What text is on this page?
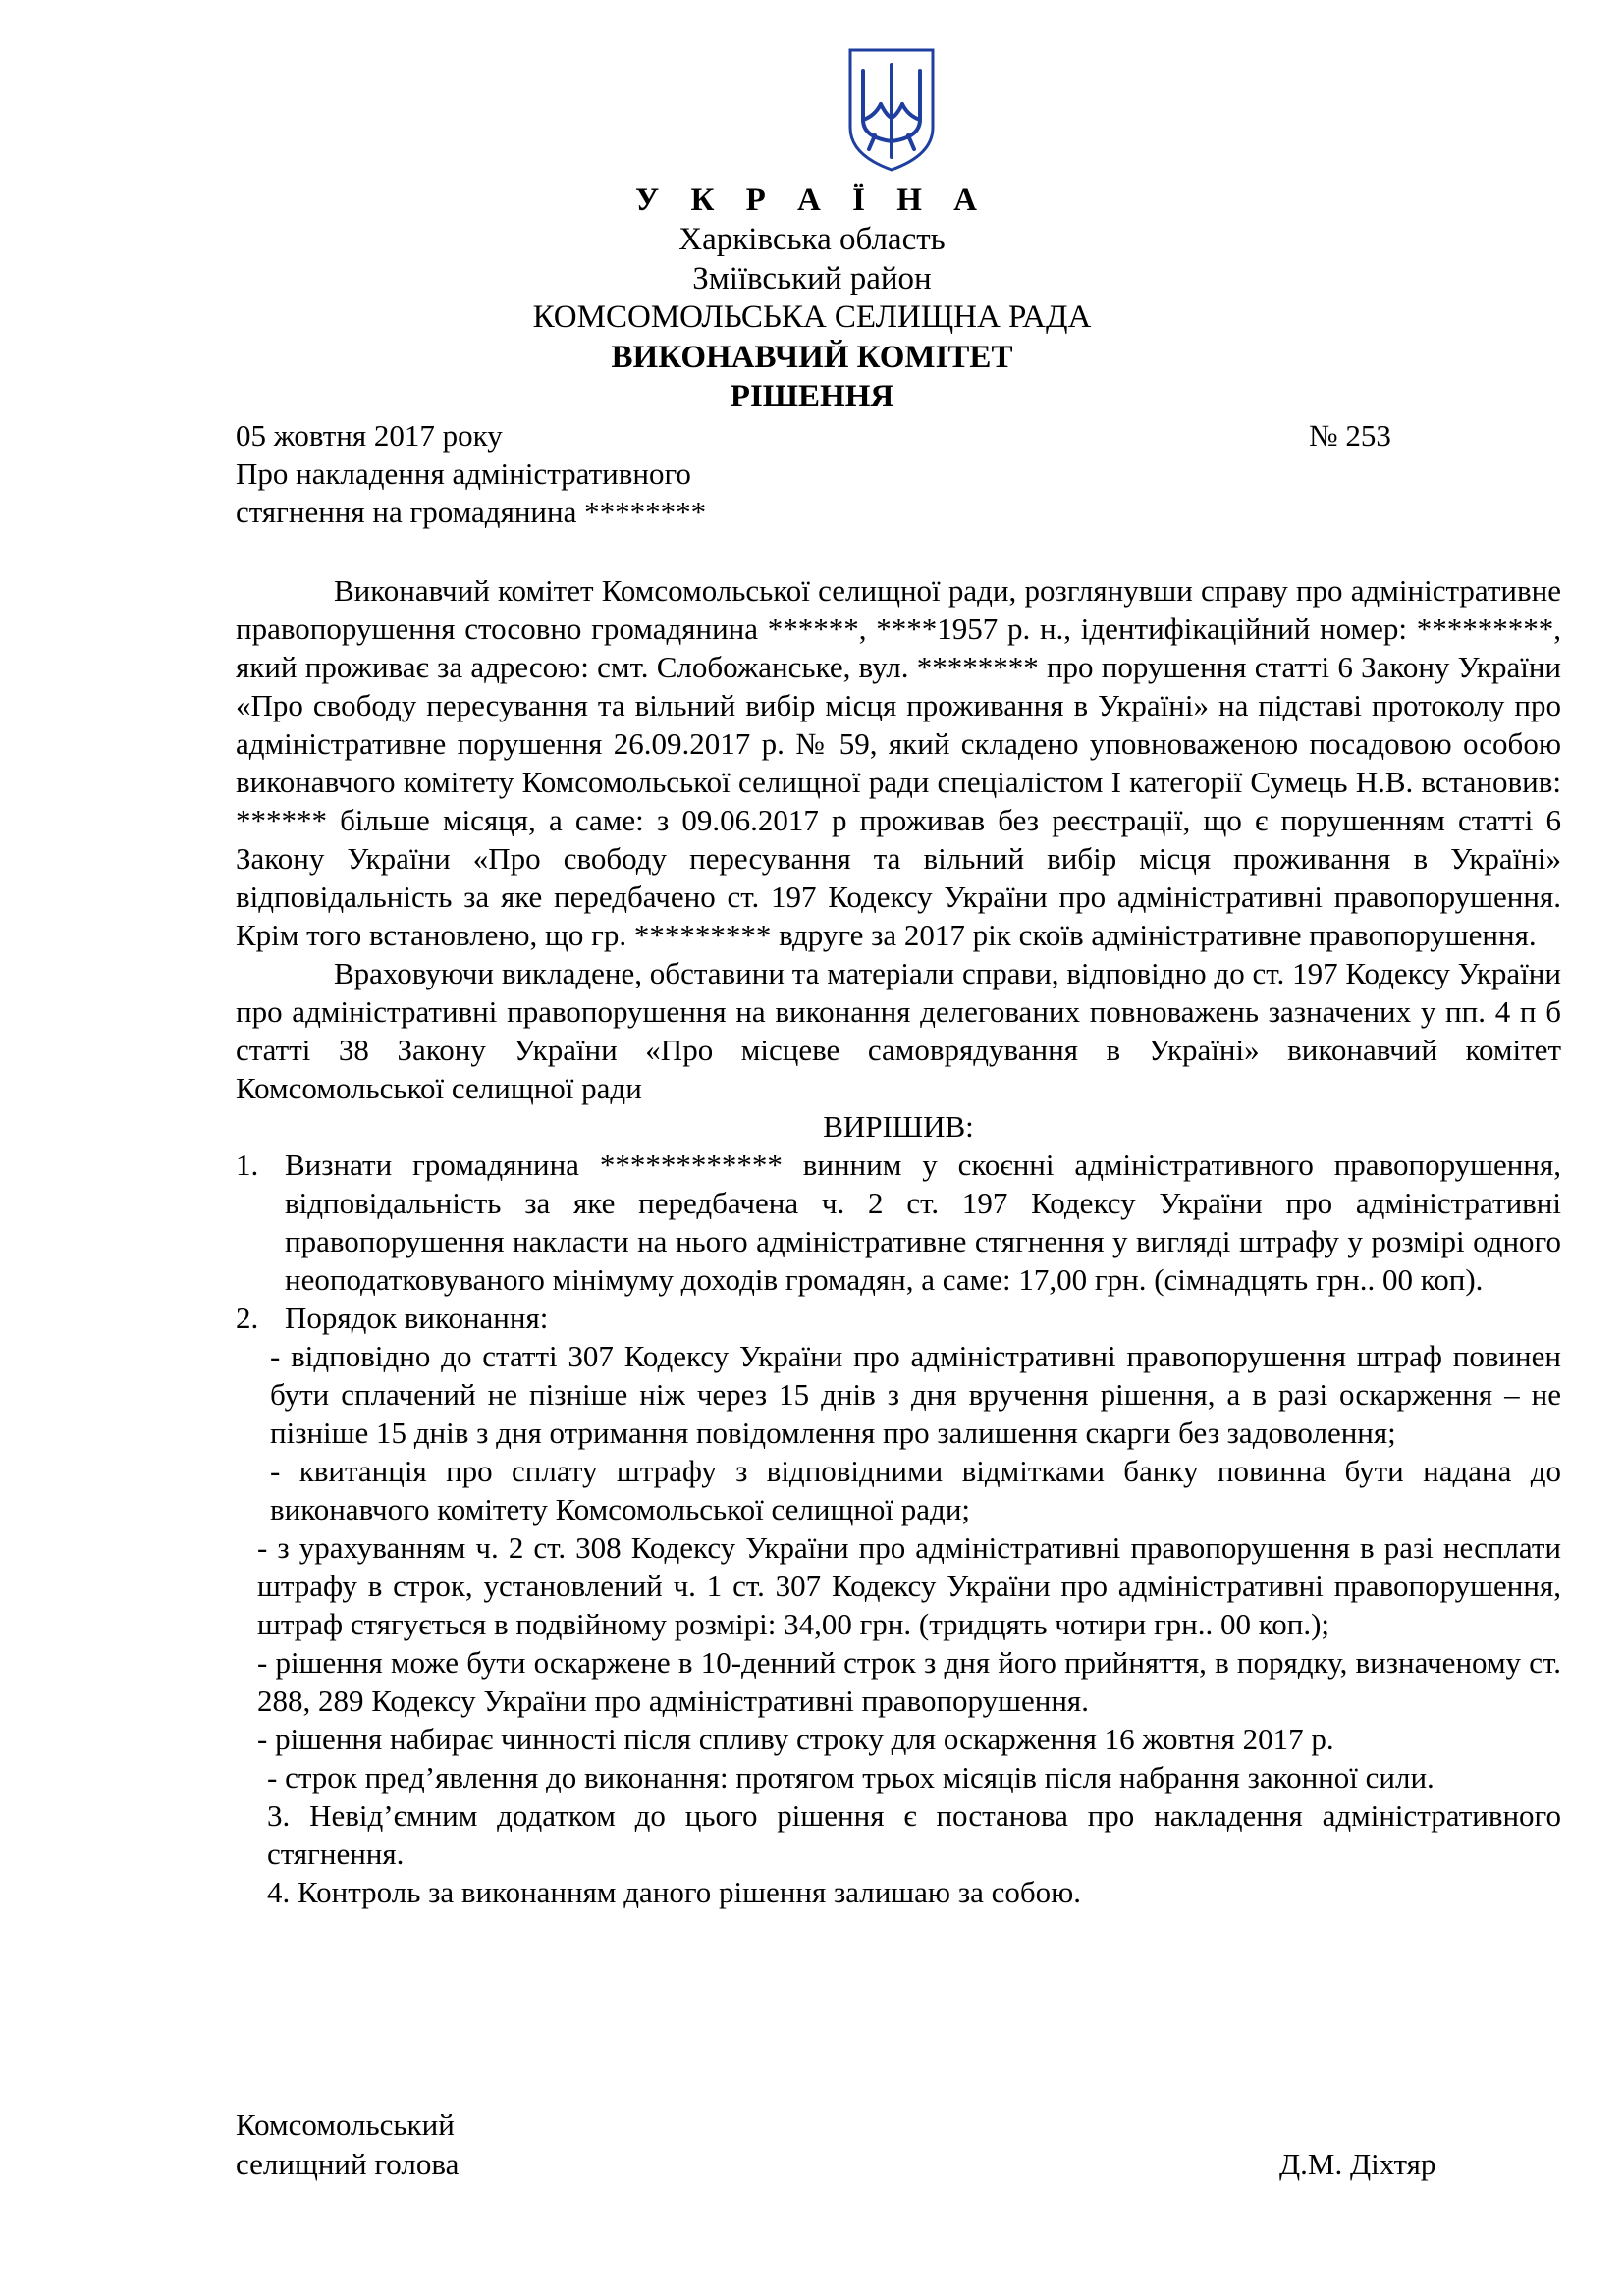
У К Р А Ї Н А
Харківська область
Зміївський район
КОМСОМОЛЬСЬКА СЕЛИЩНА РАДА
ВИКОНАВЧИЙ КОМІТЕТ
РІШЕННЯ
05 жовтня 2017 року	№ 253
Про накладення адміністративного
стягнення на громадянина ********

Виконавчий комітет Комсомольської селищної ради, розглянувши справу про адміністративне правопорушення стосовно громадянина ******, ****1957 р. н., ідентифікаційний номер: *********, який проживає за адресою: смт. Слобожанське, вул. ******** про порушення статті 6 Закону України «Про свободу пересування та вільний вибір місця проживання в Україні» на підставі протоколу про адміністративне порушення 26.09.2017 р. № 59, який складено уповноваженою посадовою особою виконавчого комітету Комсомольської селищної ради спеціалістом І категорії Сумець Н.В. встановив: ****** більше місяця, а саме: з 09.06.2017 р проживав без реєстрації, що є порушенням статті 6 Закону України «Про свободу пересування та вільний вибір місця проживання в Україні» відповідальність за яке передбачено ст. 197 Кодексу України про адміністративні правопорушення. Крім того встановлено, що гр. ********* вдруге за 2017 рік скоїв адміністративне правопорушення.

Враховуючи викладене, обставини та матеріали справи, відповідно до ст. 197 Кодексу України про адміністративні правопорушення на виконання делегованих повноважень зазначених у пп. 4 п б статті 38 Закону України «Про місцеве самоврядування в Україні» виконавчий комітет Комсомольської селищної ради

ВИРІШИВ:

1. Визнати громадянина ************ винним у скоєнні адміністративного правопорушення, відповідальність за яке передбачена ч. 2 ст. 197 Кодексу України про адміністративні правопорушення накласти на нього адміністративне стягнення у вигляді штрафу у розмірі одного неоподатковуваного мінімуму доходів громадян, а саме: 17,00 грн. (сімнадцять грн.. 00 коп).
2. Порядок виконання:

- відповідно до статті 307 Кодексу України про адміністративні правопорушення штраф повинен бути сплачений не пізніше ніж через 15 днів з дня вручення рішення, а в разі оскарження – не пізніше 15 днів з дня отримання повідомлення про залишення скарги без задоволення;

- квитанція про сплату штрафу з відповідними відмітками банку повинна бути надана до виконавчого комітету Комсомольської селищної ради;

- з урахуванням ч. 2 ст. 308 Кодексу України про адміністративні правопорушення в разі несплати штрафу в строк, установлений ч. 1 ст. 307 Кодексу України про адміністративні правопорушення, штраф стягується в подвійному розмірі: 34,00 грн. (тридцять чотири грн.. 00 коп.);

- рішення може бути оскаржене в 10-денний строк з дня його прийняття, в порядку, визначеному ст. 288, 289 Кодексу України про адміністративні правопорушення.

- рішення набирає чинності після спливу строку для оскарження 16 жовтня 2017 р.

- строк пред’явлення до виконання: протягом трьох місяців після набрання законної сили.

3. Невід’ємним додатком до цього рішення є постанова про накладення адміністративного стягнення.

4. Контроль за виконанням даного рішення залишаю за собою.

Комсомольський
селищний голова	Д.М. Діхтяр
